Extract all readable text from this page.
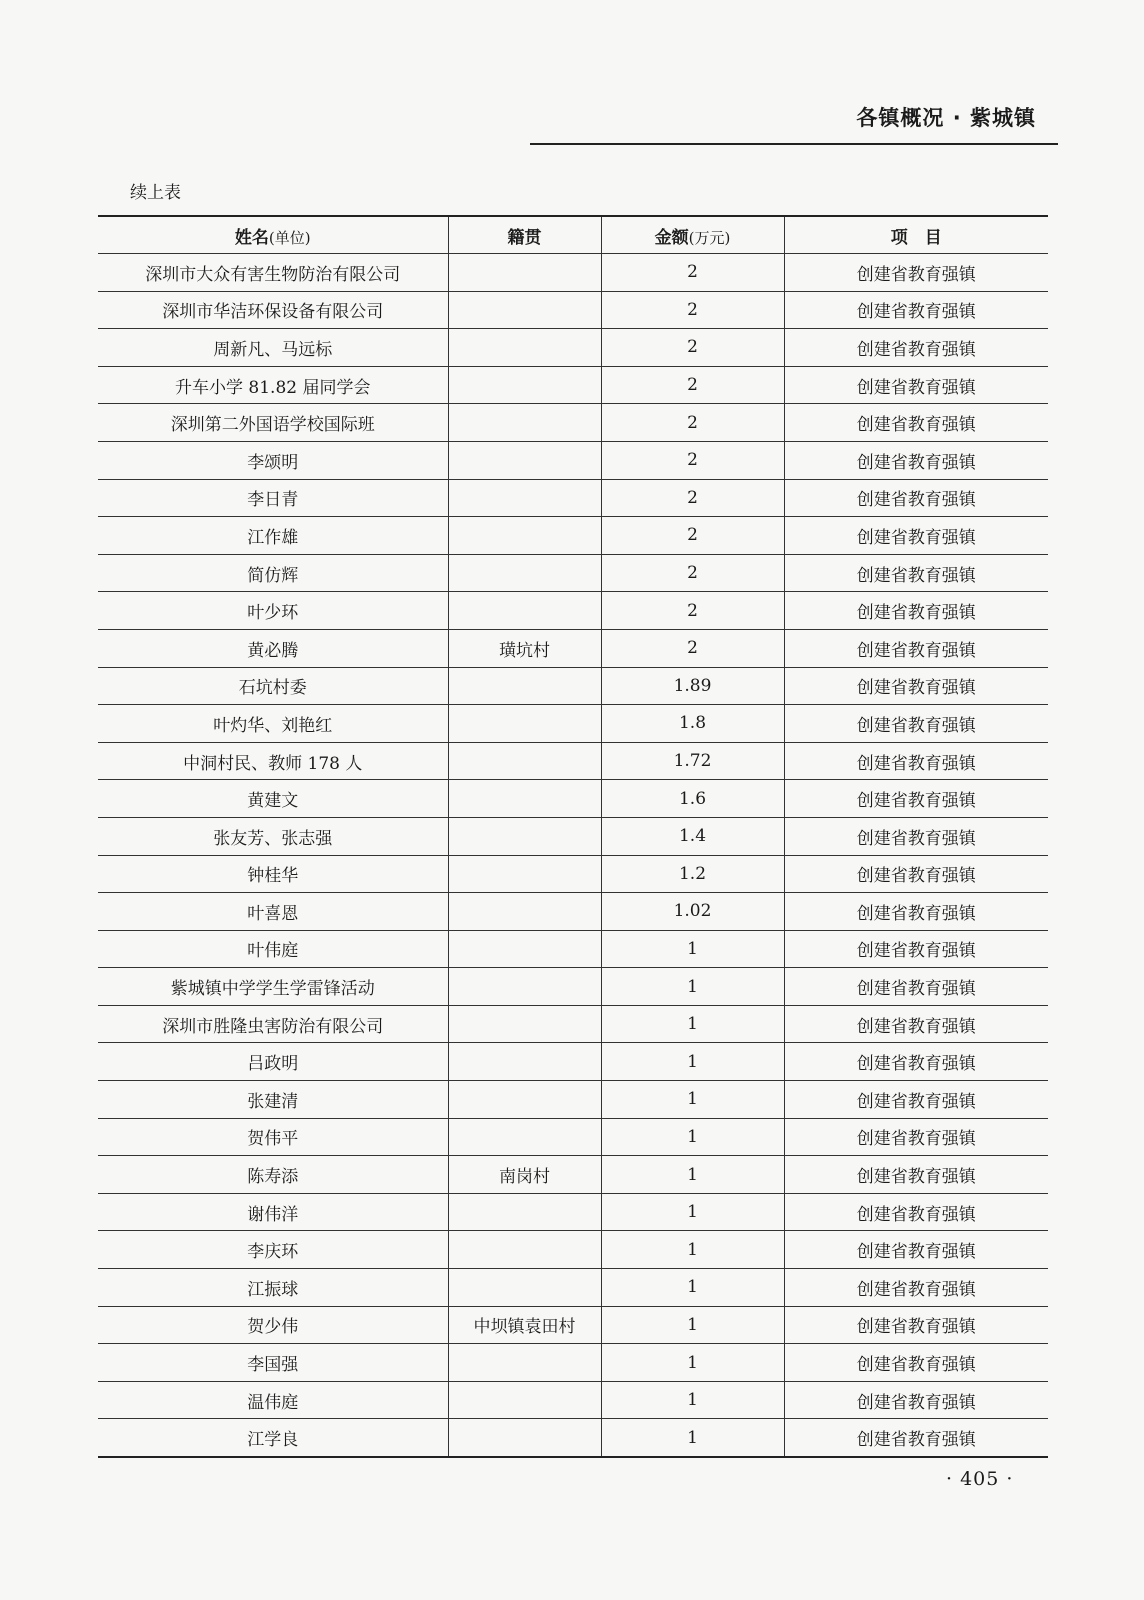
各镇概况 · 紫城镇
续上表
姓名(单位)	籍贯	金额(万元)	项　目
深圳市大众有害生物防治有限公司		2	创建省教育强镇
深圳市华洁环保设备有限公司		2	创建省教育强镇
周新凡、马远标		2	创建省教育强镇
升车小学 81.82 届同学会		2	创建省教育强镇
深圳第二外国语学校国际班		2	创建省教育强镇
李颂明		2	创建省教育强镇
李日青		2	创建省教育强镇
江作雄		2	创建省教育强镇
简仿辉		2	创建省教育强镇
叶少环		2	创建省教育强镇
黄必腾	璜坑村	2	创建省教育强镇
石坑村委		1.89	创建省教育强镇
叶灼华、刘艳红		1.8	创建省教育强镇
中洞村民、教师 178 人		1.72	创建省教育强镇
黄建文		1.6	创建省教育强镇
张友芳、张志强		1.4	创建省教育强镇
钟桂华		1.2	创建省教育强镇
叶喜恩		1.02	创建省教育强镇
叶伟庭		1	创建省教育强镇
紫城镇中学学生学雷锋活动		1	创建省教育强镇
深圳市胜隆虫害防治有限公司		1	创建省教育强镇
吕政明		1	创建省教育强镇
张建清		1	创建省教育强镇
贺伟平		1	创建省教育强镇
陈寿添	南岗村	1	创建省教育强镇
谢伟洋		1	创建省教育强镇
李庆环		1	创建省教育强镇
江振球		1	创建省教育强镇
贺少伟	中坝镇袁田村	1	创建省教育强镇
李国强		1	创建省教育强镇
温伟庭		1	创建省教育强镇
江学良		1	创建省教育强镇
· 405 ·
